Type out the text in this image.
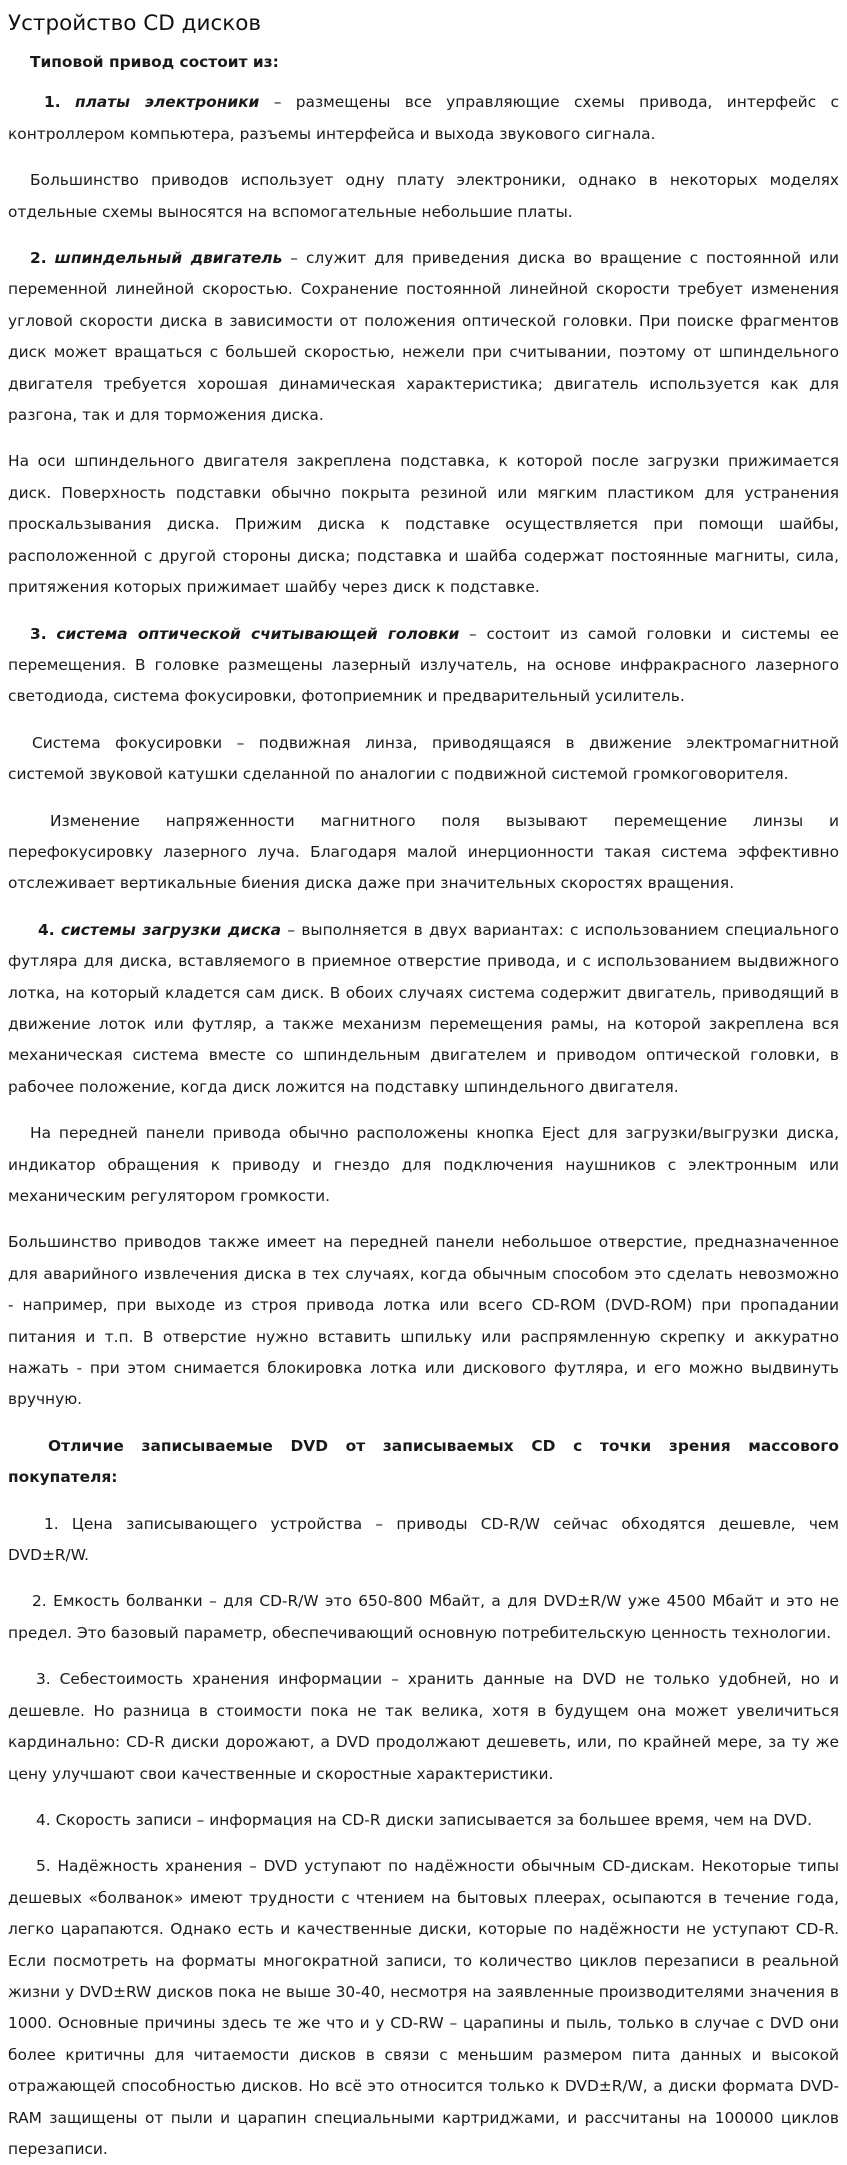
Устройство CD дисков

Типовой привод состоит из:

1. платы электроники – размещены все управляющие схемы привода, интерфейс с контроллером компьютера, разъемы интерфейса и выхода звукового сигнала.

Большинство приводов использует одну плату электроники, однако в некоторых моделях отдельные схемы выносятся на вспомогательные небольшие платы.

2. шпиндельный двигатель – служит для приведения диска во вращение с постоянной или переменной линейной скоростью. Сохранение постоянной линейной скорости требует изменения угловой скорости диска в зависимости от положения оптической головки. При поиске фрагментов диск может вращаться с большей скоростью, нежели при считывании, поэтому от шпиндельного двигателя требуется хорошая динамическая характеристика; двигатель используется как для разгона, так и для торможения диска.

На оси шпиндельного двигателя закреплена подставка, к которой после загрузки прижимается диск. Поверхность подставки обычно покрыта резиной или мягким пластиком для устранения проскальзывания диска. Прижим диска к подставке осуществляется при помощи шайбы, расположенной с другой стороны диска; подставка и шайба содержат постоянные магниты, сила, притяжения которых прижимает шайбу через диск к подставке.

3. система оптической считывающей головки – состоит из самой головки и системы ее перемещения. В головке размещены лазерный излучатель, на основе инфракрасного лазерного светодиода, система фокусировки, фотоприемник и предварительный усилитель.

Система фокусировки – подвижная линза, приводящаяся в движение электромагнитной системой звуковой катушки сделанной по аналогии с подвижной системой громкоговорителя.

Изменение напряженности магнитного поля вызывают перемещение линзы и перефокусировку лазерного луча. Благодаря малой инерционности такая система эффективно отслеживает вертикальные биения диска даже при значительных скоростях вращения.

4. системы загрузки диска – выполняется в двух вариантах: с использованием специального футляра для диска, вставляемого в приемное отверстие привода, и с использованием выдвижного лотка, на который кладется сам диск. В обоих случаях система содержит двигатель, приводящий в движение лоток или футляр, а также механизм перемещения рамы, на которой закреплена вся механическая система вместе со шпиндельным двигателем и приводом оптической головки, в рабочее положение, когда диск ложится на подставку шпиндельного двигателя.

На передней панели привода обычно расположены кнопка Eject для загрузки/выгрузки диска, индикатор обращения к приводу и гнездо для подключения наушников с электронным или механическим регулятором громкости.

Большинство приводов также имеет на передней панели небольшое отверстие, предназначенное для аварийного извлечения диска в тех случаях, когда обычным способом это сделать невозможно - например, при выходе из строя привода лотка или всего CD-ROM (DVD-ROM) при пропадании питания и т.п. В отверстие нужно вставить шпильку или распрямленную скрепку и аккуратно нажать - при этом снимается блокировка лотка или дискового футляра, и его можно выдвинуть вручную.

Отличие записываемые DVD от записываемых CD с точки зрения массового покупателя:

1. Цена записывающего устройства – приводы CD-R/W сейчас обходятся дешевле, чем DVD±R/W.

2. Емкость болванки – для CD-R/W это 650-800 Мбайт, а для DVD±R/W уже 4500 Мбайт и это не предел. Это базовый параметр, обеспечивающий основную потребительскую ценность технологии.

3. Себестоимость хранения информации – хранить данные на DVD не только удобней, но и дешевле. Но разница в стоимости пока не так велика, хотя в будущем она может увеличиться кардинально: CD-R диски дорожают, а DVD продолжают дешеветь, или, по крайней мере, за ту же цену улучшают свои качественные и скоростные характеристики.

4. Скорость записи – информация на CD-R диски записывается за большее время, чем на DVD.

5. Надёжность хранения – DVD уступают по надёжности обычным CD-дискам. Некоторые типы дешевых «болванок» имеют трудности с чтением на бытовых плеерах, осыпаются в течение года, легко царапаются. Однако есть и качественные диски, которые по надёжности не уступают CD-R. Если посмотреть на форматы многократной записи, то количество циклов перезаписи в реальной жизни у DVD±RW дисков пока не выше 30-40, несмотря на заявленные производителями значения в 1000. Основные причины здесь те же что и у CD-RW – царапины и пыль, только в случае с DVD они более критичны для читаемости дисков в связи с меньшим размером пита данных и высокой отражающей способностью дисков. Но всё это относится только к DVD±R/W, а диски формата DVD-RAM защищены от пыли и царапин специальными картриджами, и рассчитаны на 100000 циклов перезаписи.
